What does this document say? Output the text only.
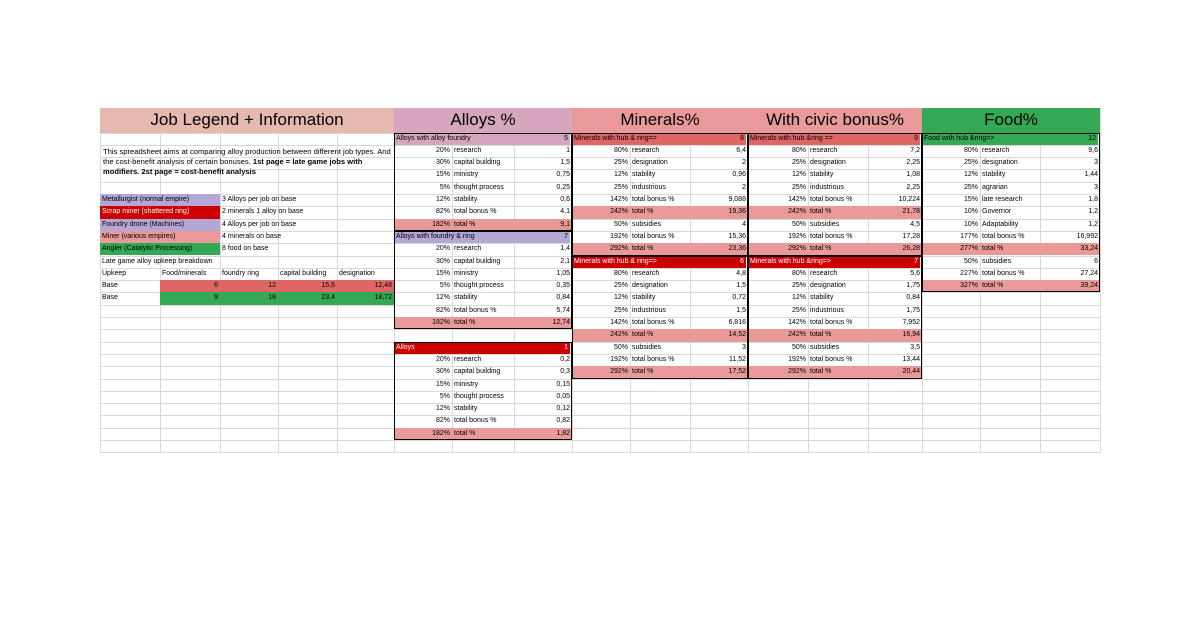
Job Legend + Information	Alloys %	Minerals%	With civic bonus%	Food%
This spreadsheet aims at comparing alloy production between different job types. And the cost-benefit analysis of certain bonuses. 1st page = late game jobs with modifiers. 2st page = cost-benefit analysis
Metallurgist (normal empire)	3 Alloys per job on base
Scrap miner (shattered ring)	2 minerals 1 alloy on base
Foundry drone (Machines)	4 Alloys per job on base
Miner (various empires)	4 minerals on base
Angler (Catalytic Processing)	8 food on base
Late game alloy upkeep breakdown
Upkeep	Food/minerals	foundry ring	capital building	designation
Base	6	12	15,6	12,48
Base	9	18	23,4	18,72
Alloys with alloy foundry	5
20% research	1
30% capital building	1,5
15% ministry	0,75
5% thought process	0,25
12% stability	0,6
82% total bonus %	4,1
182% total %	9,1
Alloys with foundry & ring	7
20% research	1,4
30% capital building	2,1
15% ministry	1,05
5% thought process	0,35
12% stability	0,84
82% total bonus %	5,74
182% total %	12,74
Alloys	1
20% research	0,2
30% capital building	0,3
15% ministry	0,15
5% thought process	0,05
12% stability	0,12
82% total bonus %	0,82
182% total %	1,82
Minerals with hub & ring=>	8
80% research	6,4
25% designation	2
12% stability	0,96
25% industrious	2
142% total bonus %	9,088
242% total %	19,36
50% subsidies	4
192% total bonus %	15,36
292% total %	23,36
Minerals with hub & ring=>	6
80% research	4,8
25% designation	1,5
12% stability	0,72
25% industrious	1,5
142% total bonus %	6,816
242% total %	14,52
50% subsidies	3
192% total bonus %	11,52
292% total %	17,52
Minerals with hub &ring =>	9
80% research	7,2
25% designation	2,25
12% stability	1,08
25% industrious	2,25
142% total bonus %	10,224
242% total %	21,78
50% subsidies	4,5
192% total bonus %	17,28
292% total %	26,28
Minerals with hub &ring=>	7
80% research	5,6
25% designation	1,75
12% stability	0,84
25% industrious	1,75
142% total bonus %	7,952
242% total %	16,94
50% subsidies	3,5
192% total bonus %	13,44
292% total %	20,44
Food with hub &ring=>	12
80% research	9,6
25% designation	3
12% stability	1,44
25% agrarian	3
15% late research	1,8
10% Governor	1,2
10% Adaptability	1,2
177% total bonus %	16,992
277% total %	33,24
50% subsidies	6
227% total bonus %	27,24
327% total %	39,24
